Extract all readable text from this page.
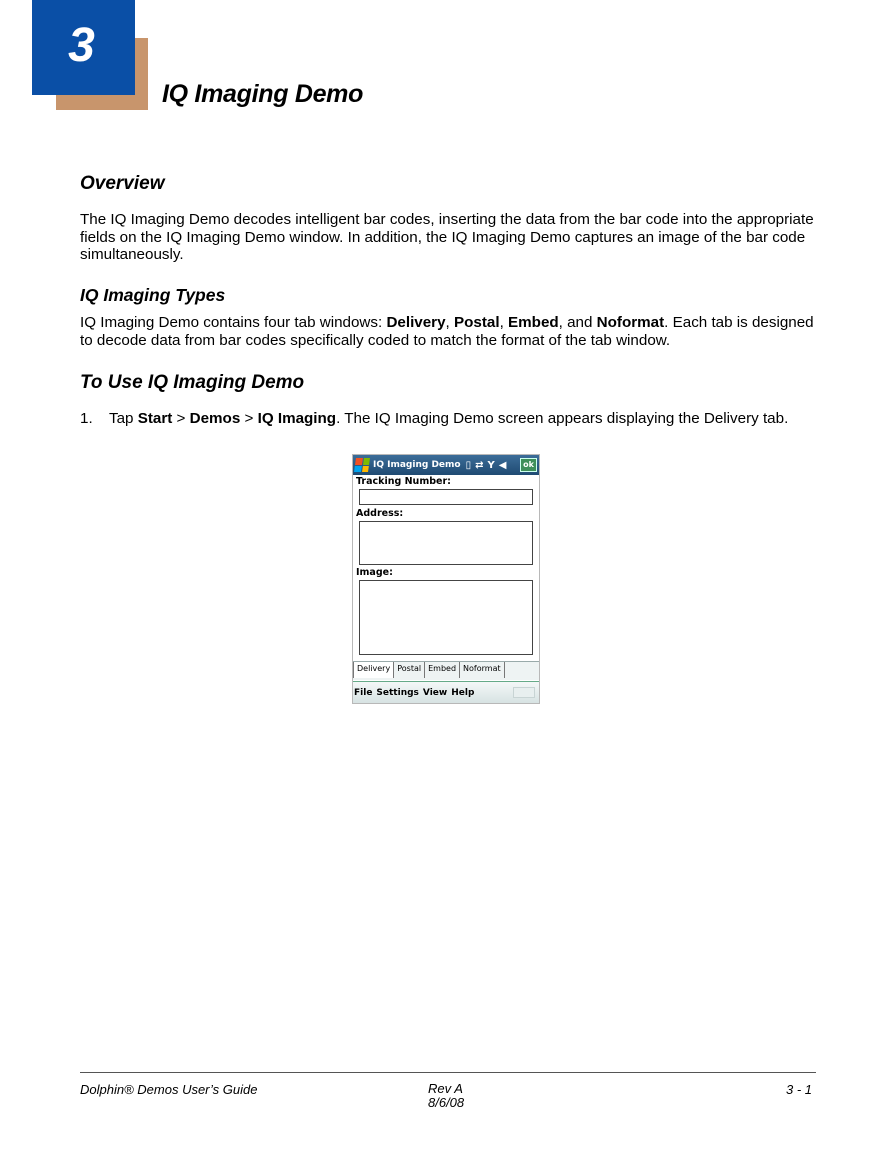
3
IQ Imaging Demo
Overview

The IQ Imaging Demo decodes intelligent bar codes, inserting the data from the bar code into the appropriate fields on the IQ Imaging Demo window. In addition, the IQ Imaging Demo captures an image of the bar code simultaneously.

IQ Imaging Types

IQ Imaging Demo contains four tab windows: Delivery, Postal, Embed, and Noformat. Each tab is designed to decode data from bar codes specifically coded to match the format of the tab window.

To Use IQ Imaging Demo
1.	Tap Start > Demos > IQ Imaging. The IQ Imaging Demo screen appears displaying the Delivery tab.
IQ Imaging Demo ▯ ⇄ Y ◀	ok
Tracking Number:
Address:
Image:
Delivery Postal Embed Noformat
File Settings View Help
Dolphin® Demos User’s Guide	Rev A
8/6/08
3 - 1
